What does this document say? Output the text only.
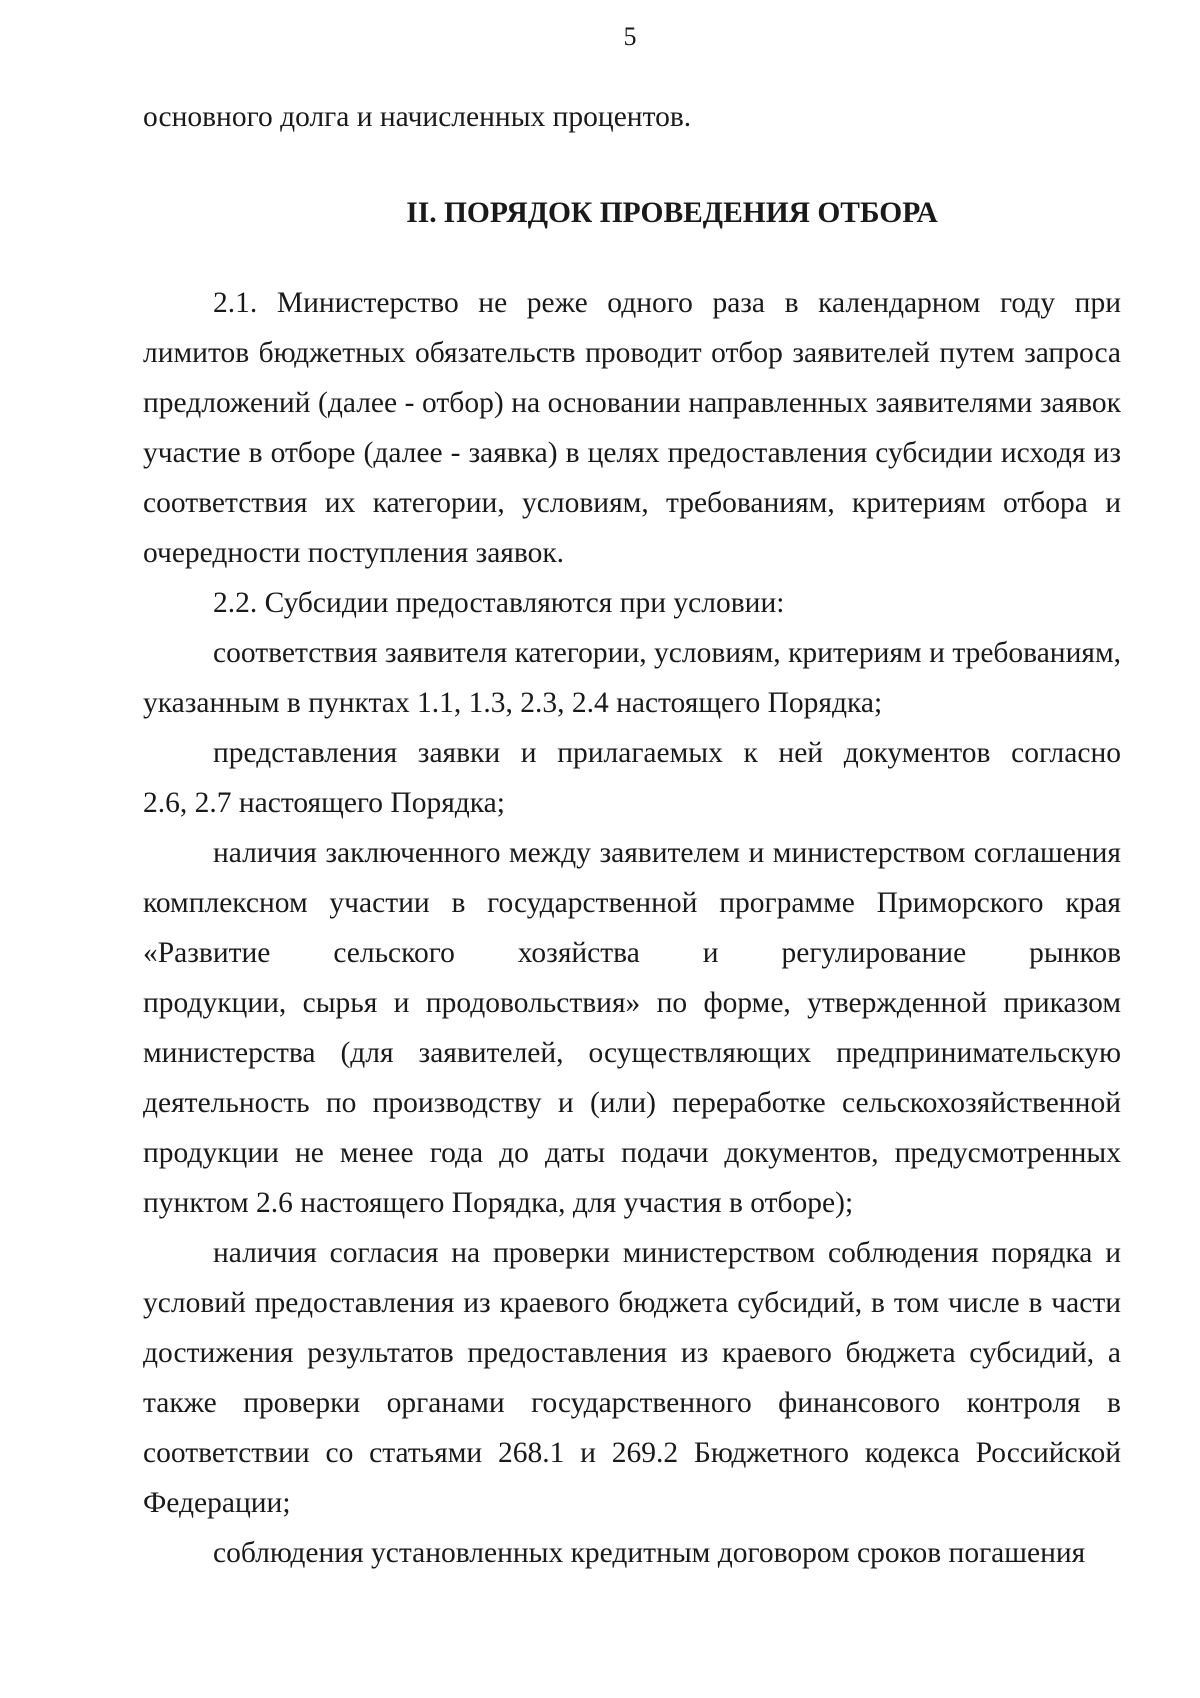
5
основного долга и начисленных процентов.
II. ПОРЯДОК ПРОВЕДЕНИЯ ОТБОРА
2.1. Министерство не реже одного раза в календарном году при
лимитов бюджетных обязательств проводит отбор заявителей путем запроса
предложений (далее - отбор) на основании направленных заявителями заявок
участие в отборе (далее - заявка) в целях предоставления субсидии исходя из
соответствия их категории, условиям, требованиям, критериям отбора и
очередности поступления заявок.
2.2. Субсидии предоставляются при условии:
соответствия заявителя категории, условиям, критериям и требованиям,
указанным в пунктах 1.1, 1.3, 2.3, 2.4 настоящего Порядка;
представления заявки и прилагаемых к ней документов согласно
2.6, 2.7 настоящего Порядка;
наличия заключенного между заявителем и министерством соглашения
комплексном участии в государственной программе Приморского края
«Развитие сельского хозяйства и регулирование рынков
продукции, сырья и продовольствия» по форме, утвержденной приказом
министерства (для заявителей, осуществляющих предпринимательскую
деятельность по производству и (или) переработке сельскохозяйственной
продукции не менее года до даты подачи документов, предусмотренных
пунктом 2.6 настоящего Порядка, для участия в отборе);
наличия согласия на проверки министерством соблюдения порядка и
условий предоставления из краевого бюджета субсидий, в том числе в части
достижения результатов предоставления из краевого бюджета субсидий, а
также проверки органами государственного финансового контроля в
соответствии со статьями 268.1 и 269.2 Бюджетного кодекса Российской
Федерации;
соблюдения установленных кредитным договором сроков погашения
